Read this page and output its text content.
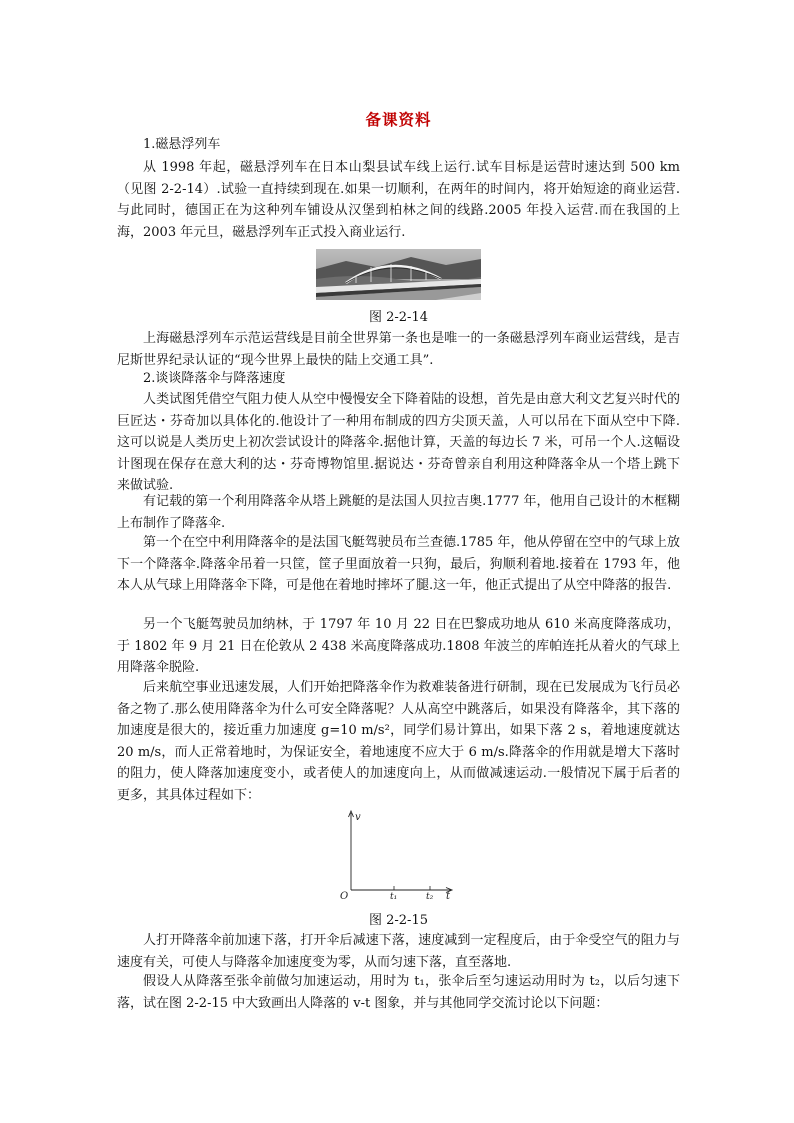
备课资料
1.磁悬浮列车
从 1998 年起，磁悬浮列车在日本山梨县试车线上运行.试车目标是运营时速达到 500 km（见图 2-2-14）.试验一直持续到现在.如果一切顺利，在两年的时间内，将开始短途的商业运营.与此同时，德国正在为这种列车铺设从汉堡到柏林之间的线路.2005 年投入运营.而在我国的上海，2003 年元旦，磁悬浮列车正式投入商业运行.
图 2-2-14
上海磁悬浮列车示范运营线是目前全世界第一条也是唯一的一条磁悬浮列车商业运营线，是吉尼斯世界纪录认证的“现今世界上最快的陆上交通工具”.
2.谈谈降落伞与降落速度
人类试图凭借空气阻力使人从空中慢慢安全下降着陆的设想，首先是由意大利文艺复兴时代的巨匠达・芬奇加以具体化的.他设计了一种用布制成的四方尖顶天盖，人可以吊在下面从空中下降.这可以说是人类历史上初次尝试设计的降落伞.据他计算，天盖的每边长 7 米，可吊一个人.这幅设计图现在保存在意大利的达・芬奇博物馆里.据说达・芬奇曾亲自利用这种降落伞从一个塔上跳下来做试验.
有记载的第一个利用降落伞从塔上跳艇的是法国人贝拉吉奥.1777 年，他用自己设计的木框糊上布制作了降落伞.
第一个在空中利用降落伞的是法国飞艇驾驶员布兰查德.1785 年，他从停留在空中的气球上放下一个降落伞.降落伞吊着一只筐，筐子里面放着一只狗，最后，狗顺利着地.接着在 1793 年，他本人从气球上用降落伞下降，可是他在着地时摔坏了腿.这一年，他正式提出了从空中降落的报告.
另一个飞艇驾驶员加纳林，于 1797 年 10 月 22 日在巴黎成功地从 610 米高度降落成功，于 1802 年 9 月 21 日在伦敦从 2 438 米高度降落成功.1808 年波兰的库帕连托从着火的气球上用降落伞脱险.
后来航空事业迅速发展，人们开始把降落伞作为救难装备进行研制，现在已发展成为飞行员必备之物了.那么使用降落伞为什么可安全降落呢？人从高空中跳落后，如果没有降落伞，其下落的加速度是很大的，接近重力加速度 g=10 m/s²，同学们易计算出，如果下落 2 s，着地速度就达 20 m/s，而人正常着地时，为保证安全，着地速度不应大于 6 m/s.降落伞的作用就是增大下落时的阻力，使人降落加速度变小，或者使人的加速度向上，从而做减速运动.一般情况下属于后者的更多，其具体过程如下：
v
O	t₁	t₂ t
图 2-2-15
人打开降落伞前加速下落，打开伞后减速下落，速度减到一定程度后，由于伞受空气的阻力与速度有关，可使人与降落伞加速度变为零，从而匀速下落，直至落地.
假设人从降落至张伞前做匀加速运动，用时为 t₁，张伞后至匀速运动用时为 t₂，以后匀速下落，试在图 2-2-15 中大致画出人降落的 v-t 图象，并与其他同学交流讨论以下问题：
